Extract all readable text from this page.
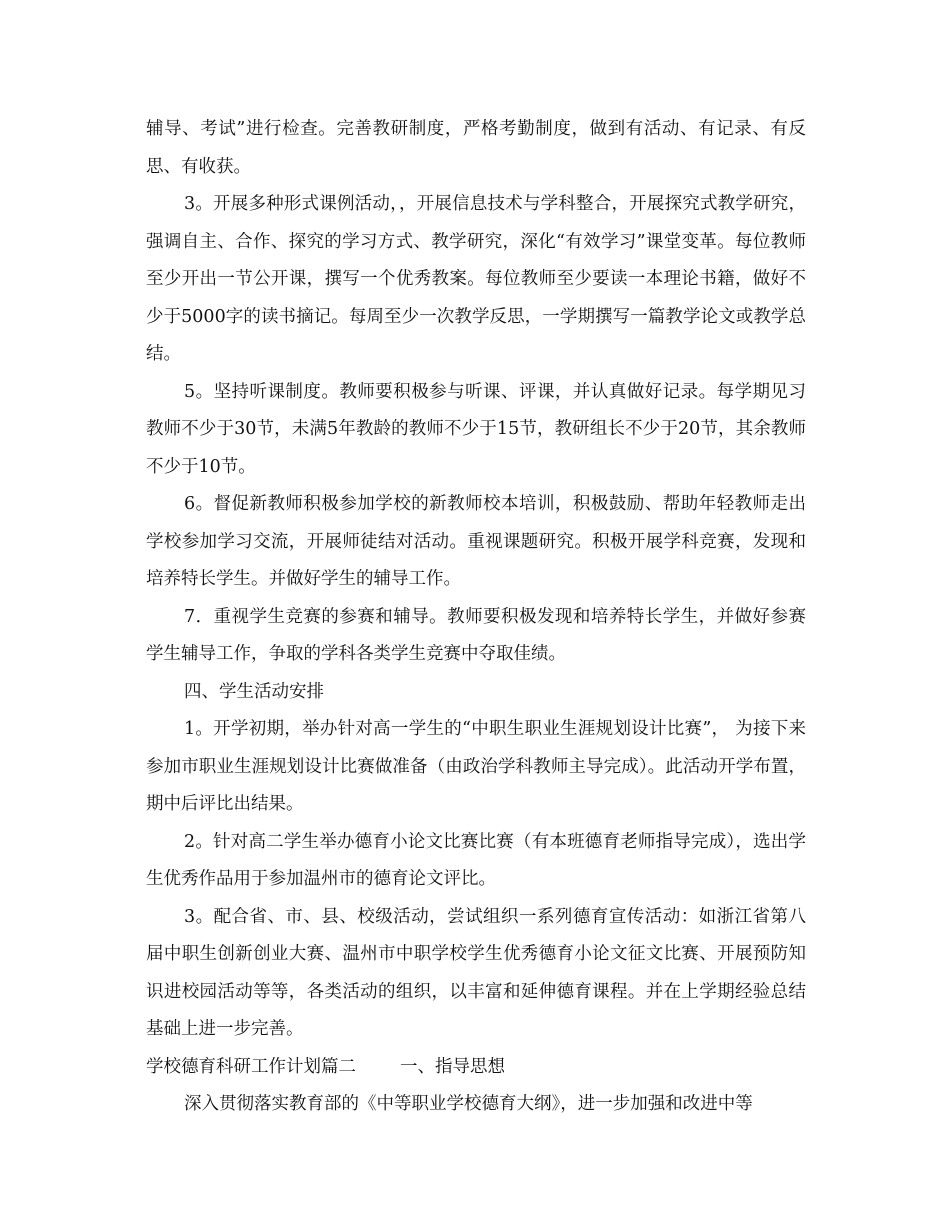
辅导、考试”进行检查。完善教研制度，严格考勤制度，做到有活动、有记录、有反思、有收获。

3。开展多种形式课例活动，，开展信息技术与学科整合，开展探究式教学研究，强调自主、合作、探究的学习方式、教学研究，深化“有效学习”课堂变革。每位教师至少开出一节公开课，撰写一个优秀教案。每位教师至少要读一本理论书籍，做好不少于5000字的读书摘记。每周至少一次教学反思，一学期撰写一篇教学论文或教学总结。

5。坚持听课制度。教师要积极参与听课、评课，并认真做好记录。每学期见习教师不少于30节，未满5年教龄的教师不少于15节，教研组长不少于20节，其余教师不少于10节。

6。督促新教师积极参加学校的新教师校本培训，积极鼓励、帮助年轻教师走出学校参加学习交流，开展师徒结对活动。重视课题研究。积极开展学科竞赛，发现和培养特长学生。并做好学生的辅导工作。

7．重视学生竞赛的参赛和辅导。教师要积极发现和培养特长学生，并做好参赛学生辅导工作，争取的学科各类学生竞赛中夺取佳绩。

四、学生活动安排

1。开学初期，举办针对高一学生的“中职生职业生涯规划设计比赛”， 为接下来参加市职业生涯规划设计比赛做准备（由政治学科教师主导完成）。此活动开学布置，期中后评比出结果。

2。针对高二学生举办德育小论文比赛比赛（有本班德育老师指导完成），选出学生优秀作品用于参加温州市的德育论文评比。

3。配合省、市、县、校级活动，尝试组织一系列德育宣传活动：如浙江省第八届中职生创新创业大赛、温州市中职学校学生优秀德育小论文征文比赛、开展预防知识进校园活动等等，各类活动的组织，以丰富和延伸德育课程。并在上学期经验总结基础上进一步完善。

学校德育科研工作计划篇二	一、指导思想

深入贯彻落实教育部的《中等职业学校德育大纲》，进一步加强和改进中等
